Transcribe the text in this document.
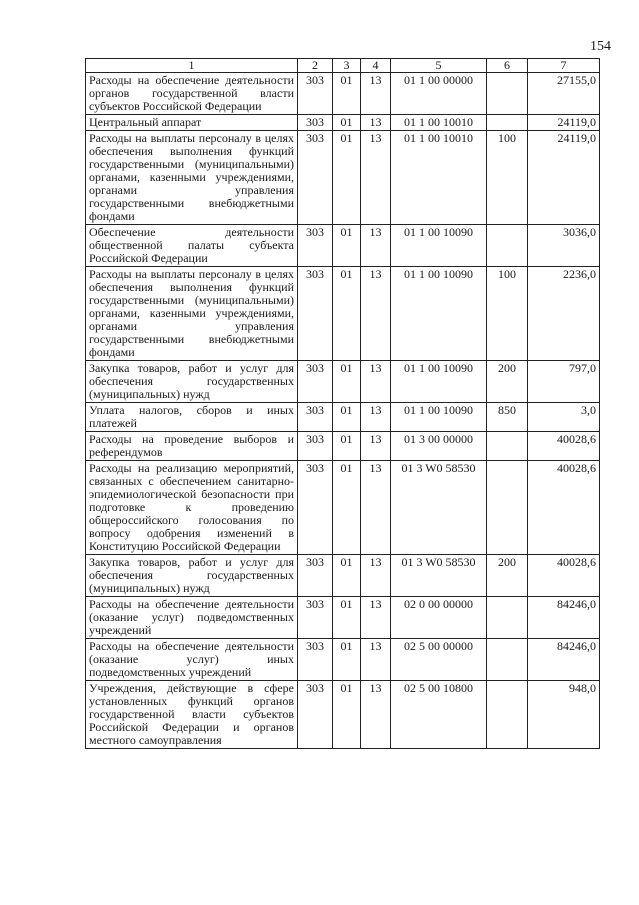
154
1	2	3	4	5	6	7
Расходы на обеспечение деятельности органов государственной власти субъектов Российской Федерации	303	01	13	01 1 00 00000		27155,0
Центральный аппарат	303	01	13	01 1 00 10010		24119,0
Расходы на выплаты персоналу в целях обеспечения выполнения функций государственными (муниципальными) органами, казенными учреждениями, органами управления государственными внебюджетными фондами	303	01	13	01 1 00 10010	100	24119,0
Обеспечение деятельности общественной палаты субъекта Российской Федерации	303	01	13	01 1 00 10090		3036,0
Расходы на выплаты персоналу в целях обеспечения выполнения функций государственными (муниципальными) органами, казенными учреждениями, органами управления государственными внебюджетными фондами	303	01	13	01 1 00 10090	100	2236,0
Закупка товаров, работ и услуг для обеспечения государственных (муниципальных) нужд	303	01	13	01 1 00 10090	200	797,0
Уплата налогов, сборов и иных платежей	303	01	13	01 1 00 10090	850	3,0
Расходы на проведение выборов и референдумов	303	01	13	01 3 00 00000		40028,6
Расходы на реализацию мероприятий, связанных с обеспечением санитарно-эпидемиологической безопасности при подготовке к проведению общероссийского голосования по вопросу одобрения изменений в Конституцию Российской Федерации	303	01	13	01 3 W0 58530		40028,6
Закупка товаров, работ и услуг для обеспечения государственных (муниципальных) нужд	303	01	13	01 3 W0 58530	200	40028,6
Расходы на обеспечение деятельности (оказание услуг) подведомственных учреждений	303	01	13	02 0 00 00000		84246,0
Расходы на обеспечение деятельности (оказание услуг) иных подведомственных учреждений	303	01	13	02 5 00 00000		84246,0
Учреждения, действующие в сфере установленных функций органов государственной власти субъектов Российской Федерации и органов местного самоуправления	303	01	13	02 5 00 10800		948,0
